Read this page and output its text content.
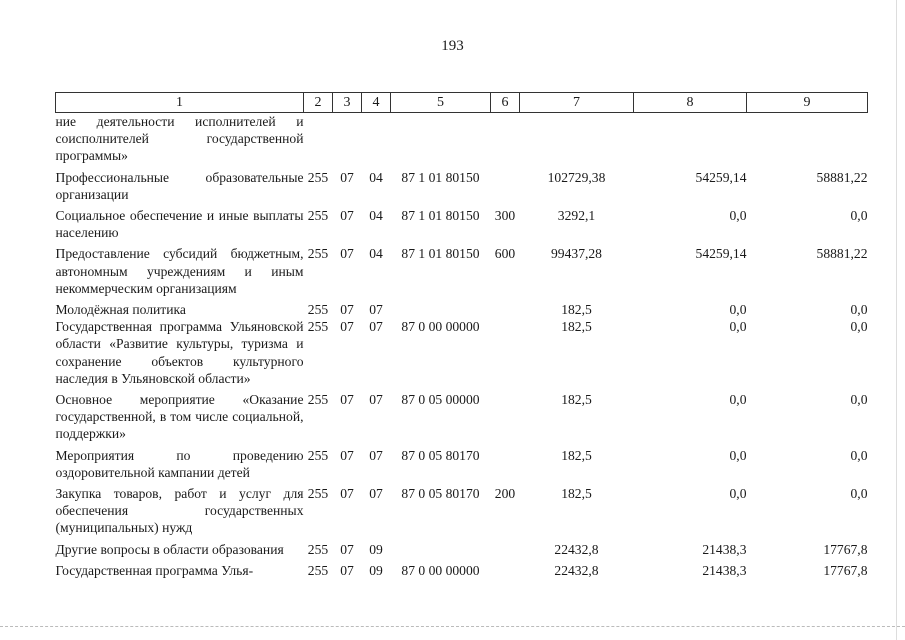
193
1	2	3	4	5	6	7	8	9
ние деятельности исполнителей и соисполнителей государственной программы»								
Профессиональные образовательные организации	255	07	04	87 1 01 80150		102729,38	54259,14	58881,22
Социальное обеспечение и иные выплаты населению	255	07	04	87 1 01 80150	300	3292,1	0,0	0,0
Предоставление субсидий бюджетным, автономным учреждениям и иным некоммерческим организациям	255	07	04	87 1 01 80150	600	99437,28	54259,14	58881,22
Молодёжная политика	255	07	07			182,5	0,0	0,0
Государственная программа Ульяновской области «Развитие культуры, туризма и сохранение объектов культурного наследия в Ульяновской области»	255	07	07	87 0 00 00000		182,5	0,0	0,0
Основное мероприятие «Оказание государственной, в том числе социальной, поддержки»	255	07	07	87 0 05 00000		182,5	0,0	0,0
Мероприятия по проведению оздоровительной кампании детей	255	07	07	87 0 05 80170		182,5	0,0	0,0
Закупка товаров, работ и услуг для обеспечения государственных (муниципальных) нужд	255	07	07	87 0 05 80170	200	182,5	0,0	0,0
Другие вопросы в области образования	255	07	09			22432,8	21438,3	17767,8
Государственная программа Улья-	255	07	09	87 0 00 00000		22432,8	21438,3	17767,8
